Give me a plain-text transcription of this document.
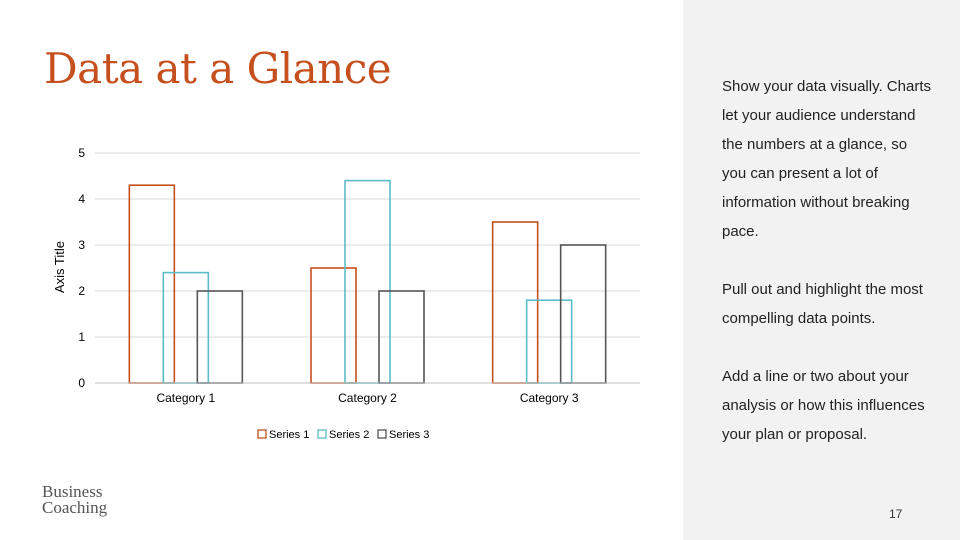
Data at a Glance
0
1
2
3
4
5
Category 1	Category 2	Category 3
Axis Title
Series 1 Series 2 Series 3
Business
Coaching

Show your data visually. Charts let your audience understand the numbers at a glance, so you can present a lot of information without breaking pace.

Pull out and highlight the most compelling data points.

Add a line or two about your analysis or how this influences your plan or proposal.

17
